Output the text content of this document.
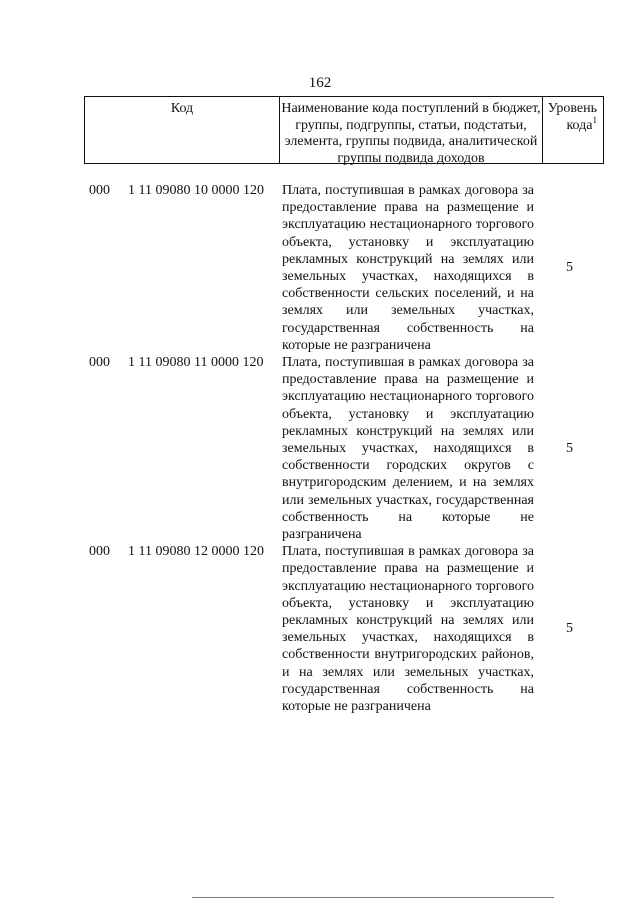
162
Код	Наименование кода поступлений в бюджет, группы, подгруппы, статьи, подстатьи, элемента, группы подвида, аналитической группы подвида доходов
Уровень кода$^1$
000 1 11 09080 10 0000 120 Плата, поступившая в рамках договора за предоставление права на размещение и эксплуатацию нестационарного торгового объекта, установку и эксплуатацию рекламных конструкций на землях или земельных участках, находящихся в собственности сельских поселений, и на землях или земельных участках, государственная собственность на которые не разграничена
5
000 1 11 09080 11 0000 120 Плата, поступившая в рамках договора за предоставление права на размещение и эксплуатацию нестационарного торгового объекта, установку и эксплуатацию рекламных конструкций на землях или земельных участках, находящихся в собственности городских округов с внутригородским делением, и на землях или земельных участках, государственная собственность на которые не разграничена
5
000 1 11 09080 12 0000 120 Плата, поступившая в рамках договора за предоставление права на размещение и эксплуатацию нестационарного торгового объекта, установку и эксплуатацию рекламных конструкций на землях или земельных участках, находящихся в собственности внутригородских районов, и на землях или земельных участках, государственная собственность на которые не разграничена
5
